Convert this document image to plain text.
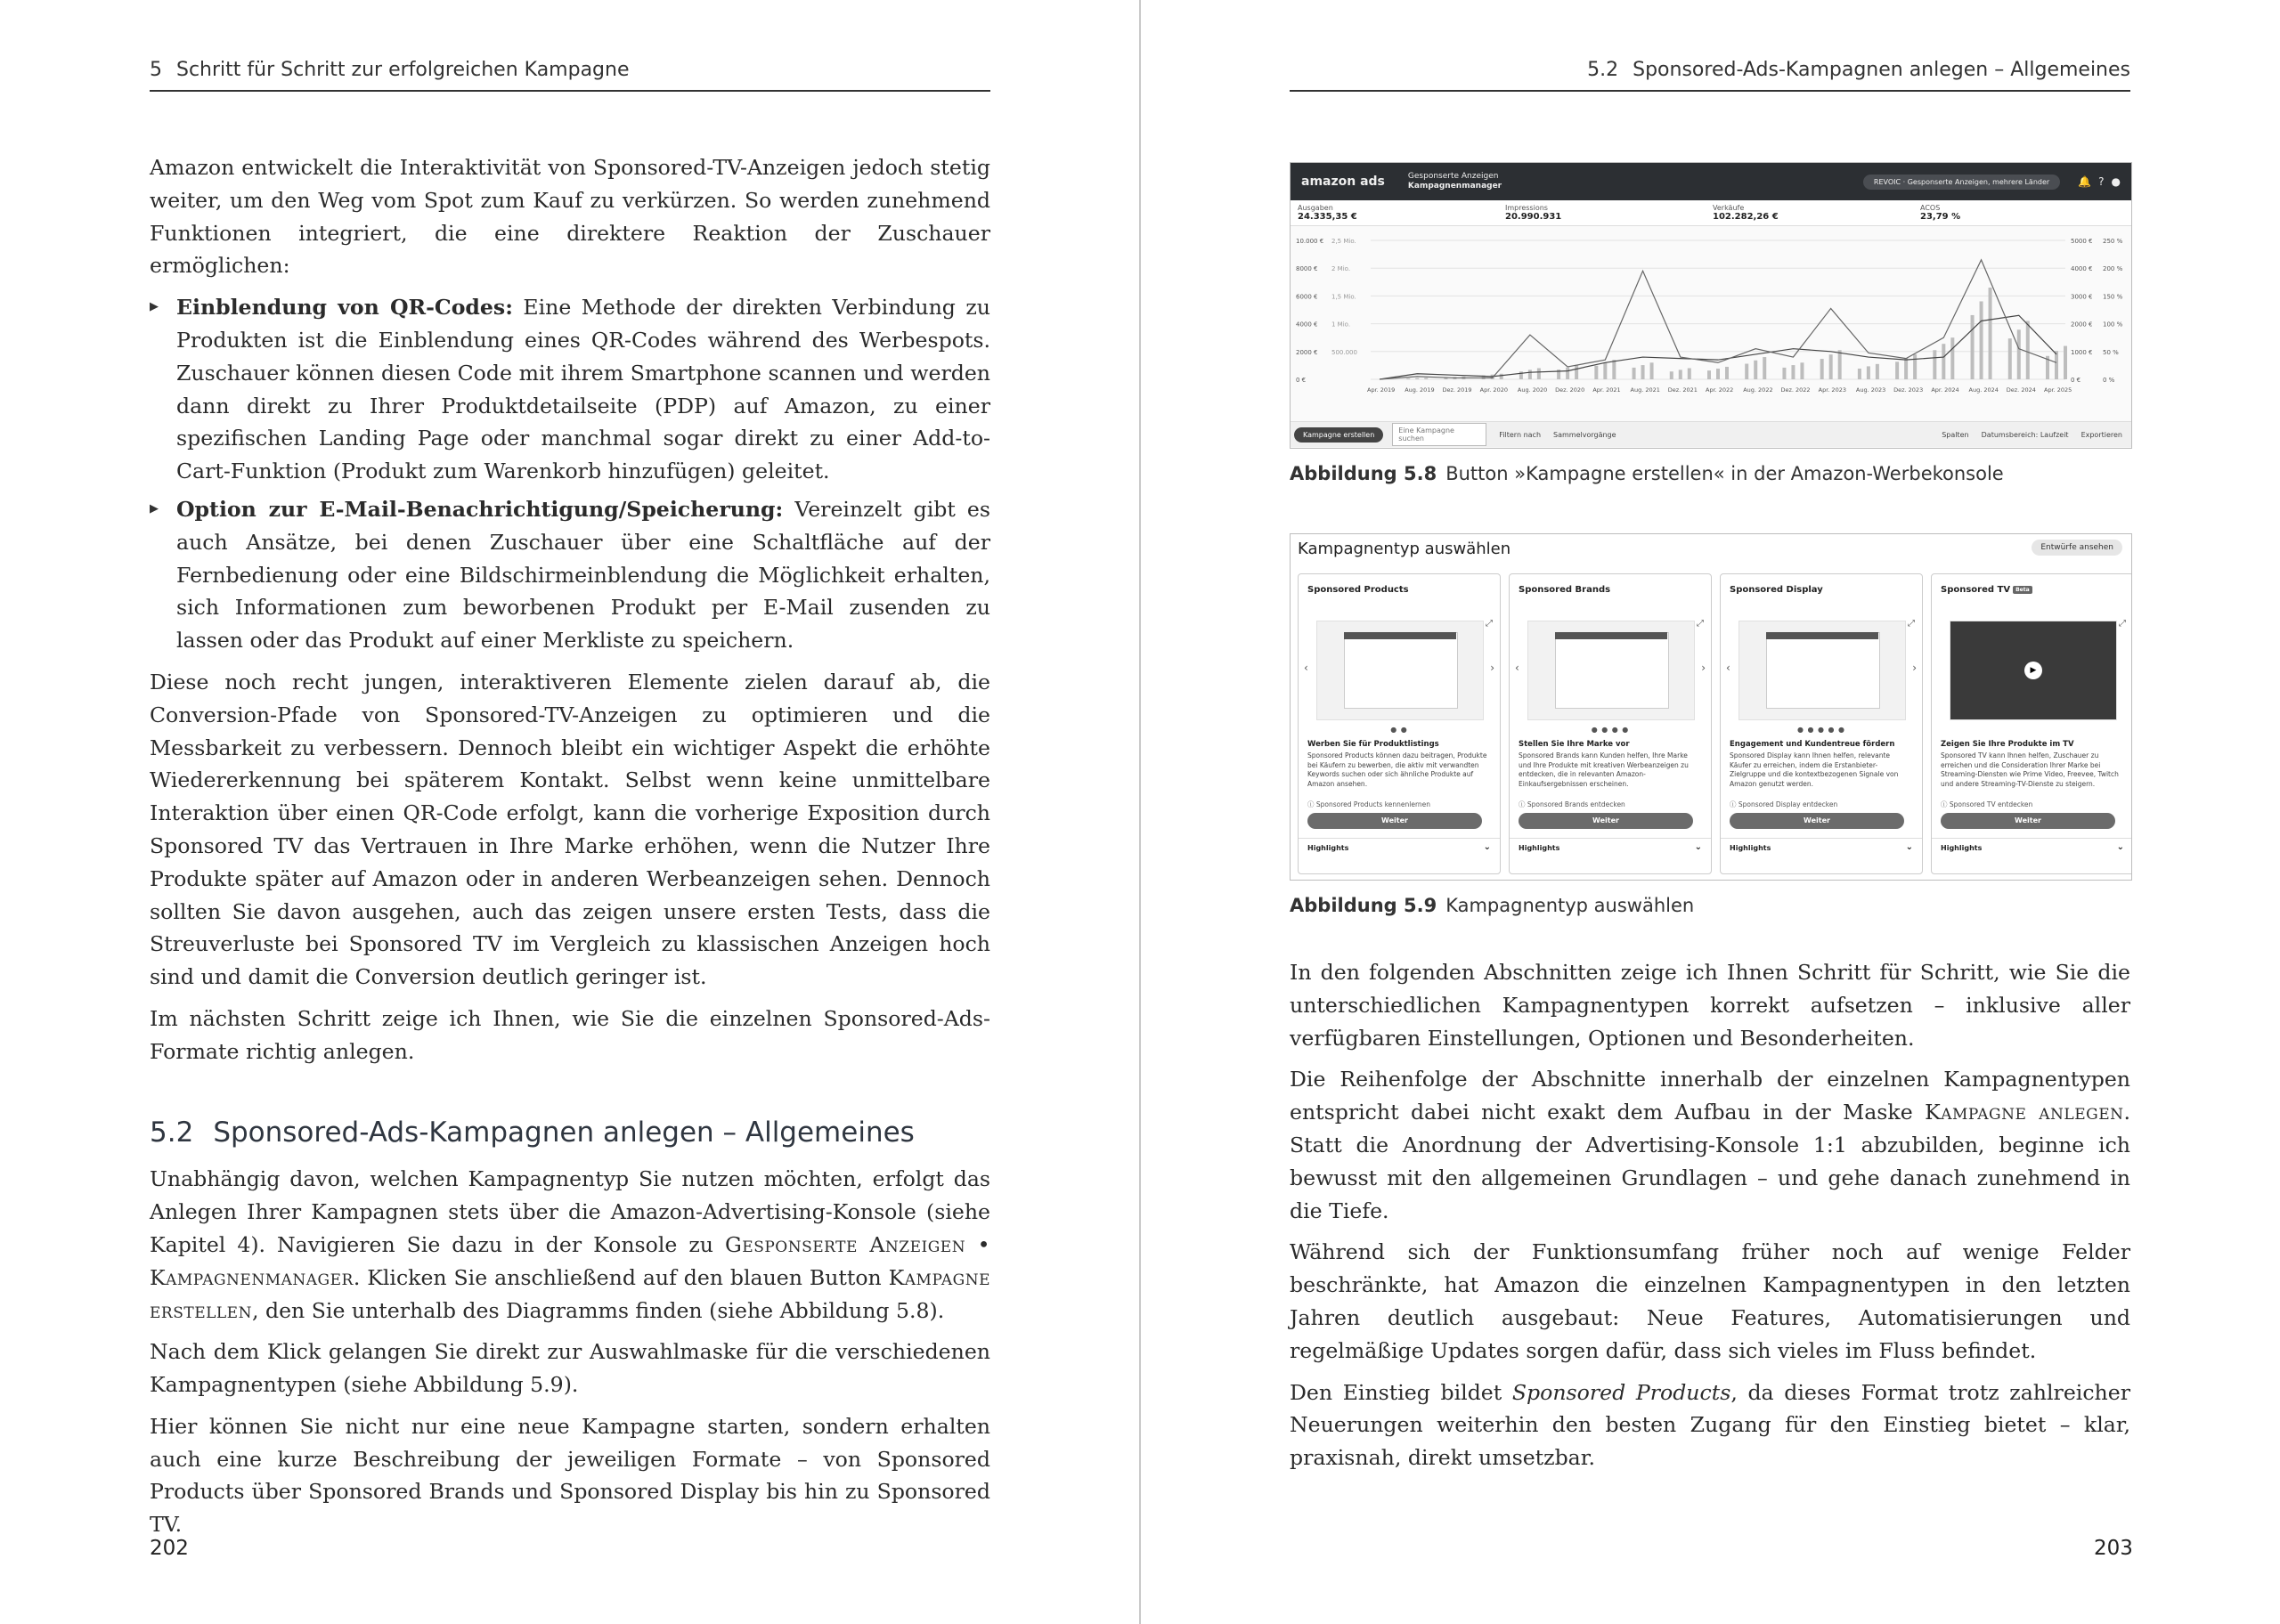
5 Schritt für Schritt zur erfolgreichen Kampagne

Amazon entwickelt die Interaktivität von Sponsored-TV-Anzeigen jedoch stetig weiter, um den Weg vom Spot zum Kauf zu verkürzen. So werden zunehmend Funktionen integriert, die eine direktere Reaktion der Zuschauer ermöglichen:

▶ Einblendung von QR-Codes: Eine Methode der direkten Verbindung zu Produkten ist die Einblendung eines QR-Codes während des Werbespots. Zuschauer können diesen Code mit ihrem Smartphone scannen und werden dann direkt zu Ihrer Produktdetailseite (PDP) auf Amazon, zu einer spezifischen Landing Page oder manchmal sogar direkt zu einer Add-to-Cart-Funktion (Produkt zum Warenkorb hinzufügen) geleitet.
▶ Option zur E-Mail-Benachrichtigung/Speicherung: Vereinzelt gibt es auch Ansätze, bei denen Zuschauer über eine Schaltfläche auf der Fernbedienung oder eine Bildschirmeinblendung die Möglichkeit erhalten, sich Informationen zum beworbenen Produkt per E-Mail zusenden zu lassen oder das Produkt auf einer Merkliste zu speichern.

Diese noch recht jungen, interaktiveren Elemente zielen darauf ab, die Conversion-Pfade von Sponsored-TV-Anzeigen zu optimieren und die Messbarkeit zu verbessern. Dennoch bleibt ein wichtiger Aspekt die erhöhte Wiedererkennung bei späterem Kontakt. Selbst wenn keine unmittelbare Interaktion über einen QR-Code erfolgt, kann die vorherige Exposition durch Sponsored TV das Vertrauen in Ihre Marke erhöhen, wenn die Nutzer Ihre Produkte später auf Amazon oder in anderen Werbeanzeigen sehen. Dennoch sollten Sie davon ausgehen, auch das zeigen unsere ersten Tests, dass die Streuverluste bei Sponsored TV im Vergleich zu klassischen Anzeigen hoch sind und damit die Conversion deutlich geringer ist.

Im nächsten Schritt zeige ich Ihnen, wie Sie die einzelnen Sponsored-Ads-Formate richtig anlegen.

5.2 Sponsored-Ads-Kampagnen anlegen – Allgemeines

Unabhängig davon, welchen Kampagnentyp Sie nutzen möchten, erfolgt das Anlegen Ihrer Kampagnen stets über die Amazon-Advertising-Konsole (siehe Kapitel 4). Navigieren Sie dazu in der Konsole zu Gesponserte Anzeigen • Kampagnenmanager. Klicken Sie anschließend auf den blauen Button Kampagne erstellen, den Sie unterhalb des Diagramms finden (siehe Abbildung 5.8).

Nach dem Klick gelangen Sie direkt zur Auswahlmaske für die verschiedenen Kampagnentypen (siehe Abbildung 5.9).

Hier können Sie nicht nur eine neue Kampagne starten, sondern erhalten auch eine kurze Beschreibung der jeweiligen Formate – von Sponsored Products über Sponsored Brands und Sponsored Display bis hin zu Sponsored TV.

202
5.2 Sponsored-Ads-Kampagnen anlegen – Allgemeines
amazon ads	Gesponserte Anzeigen
Kampagnenmanager	REVOIC · Gesponserte Anzeigen, mehrere Länder	🔔 ? ●
Ausgaben
24.335,35 €
Impressions
20.990.931
Verkäufe
102.282,26 €
ACOS
23,79 %
10.000 € 2,5 Mio.	5000 € 250 %
8000 € 2 Mio.	4000 € 200 %
6000 € 1,5 Mio.	3000 € 150 %
4000 € 1 Mio.	2000 € 100 %
2000 € 500.000	1000 € 50 %
0 €	0 €	0 %
Apr. 2019 Aug. 2019 Dez. 2019 Apr. 2020 Aug. 2020 Dez. 2020 Apr. 2021 Aug. 2021 Dez. 2021 Apr. 2022 Aug. 2022 Dez. 2022 Apr. 2023 Aug. 2023 Dez. 2023 Apr. 2024 Aug. 2024 Dez. 2024 Apr. 2025
Kampagne erstellen	Eine Kampagne suchen	Filtern nach Sammelvorgänge	Spalten Datumsbereich: Laufzeit Exportieren
Abbildung 5.8 Button »Kampagne erstellen« in der Amazon-Werbekonsole
Kampagnentyp auswählen	Entwürfe ansehen
Sponsored Products
⤢
‹	›
● ●
Werben Sie für Produktlistings
Sponsored Products können dazu beitragen, Produkte bei Käufern zu bewerben, die aktiv mit verwandten Keywords suchen oder sich ähnliche Produkte auf Amazon ansehen.
ⓘ Sponsored Products kennenlernen
Weiter
Highlights	⌄
Sponsored Brands
⤢
‹	›
● ● ● ●
Stellen Sie Ihre Marke vor
Sponsored Brands kann Kunden helfen, Ihre Marke und Ihre Produkte mit kreativen Werbeanzeigen zu entdecken, die in relevanten Amazon-Einkaufsergebnissen erscheinen.
ⓘ Sponsored Brands entdecken
Weiter
Highlights	⌄
Sponsored Display
⤢
‹	›
● ● ● ● ●
Engagement und Kundentreue fördern
Sponsored Display kann Ihnen helfen, relevante Käufer zu erreichen, indem die Erstanbieter-Zielgruppe und die kontextbezogenen Signale von Amazon genutzt werden.
ⓘ Sponsored Display entdecken
Weiter
Highlights	⌄
Sponsored TV Beta
⤢
▶
Zeigen Sie Ihre Produkte im TV
Sponsored TV kann Ihnen helfen, Zuschauer zu erreichen und die Consideration Ihrer Marke bei Streaming-Diensten wie Prime Video, Freevee, Twitch und andere Streaming-TV-Dienste zu steigern.
ⓘ Sponsored TV entdecken
Weiter
Highlights	⌄
Abbildung 5.9 Kampagnentyp auswählen

In den folgenden Abschnitten zeige ich Ihnen Schritt für Schritt, wie Sie die unterschiedlichen Kampagnentypen korrekt aufsetzen – inklusive aller verfügbaren Einstellungen, Optionen und Besonderheiten.

Die Reihenfolge der Abschnitte innerhalb der einzelnen Kampagnentypen entspricht dabei nicht exakt dem Aufbau in der Maske Kampagne anlegen. Statt die Anordnung der Advertising-Konsole 1:1 abzubilden, beginne ich bewusst mit den allgemeinen Grundlagen – und gehe danach zunehmend in die Tiefe.

Während sich der Funktionsumfang früher noch auf wenige Felder beschränkte, hat Amazon die einzelnen Kampagnentypen in den letzten Jahren deutlich ausgebaut: Neue Features, Automatisierungen und regelmäßige Updates sorgen dafür, dass sich vieles im Fluss befindet.

Den Einstieg bildet Sponsored Products, da dieses Format trotz zahlreicher Neuerungen weiterhin den besten Zugang für den Einstieg bietet – klar, praxisnah, direkt umsetzbar.

203
